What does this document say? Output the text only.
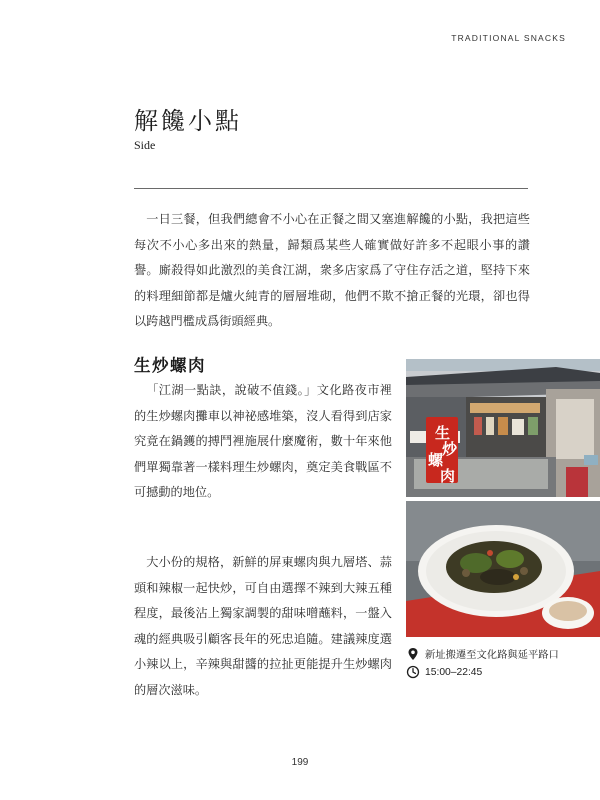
TRADITIONAL SNACKS
解饞小點
Side

一日三餐，但我們總會不小心在正餐之間又塞進解饞的小點，我把這些每次不小心多出來的熱量，歸類爲某些人確實做好許多不起眼小事的讚譽。廝殺得如此激烈的美食江湖，衆多店家爲了守住存活之道，堅持下來的料理細節都是爐火純青的層層堆砌，他們不欺不搶正餐的光環，卻也得以跨越門檻成爲街頭經典。

生炒螺肉

「江湖一點訣，說破不值錢。」文化路夜市裡的生炒螺肉攤車以神祕感堆築，沒人看得到店家究竟在鍋鑊的搏鬥裡施展什麼魔術，數十年來他們單獨靠著一樣料理生炒螺肉，奠定美食戰區不可撼動的地位。

大小份的規格，新鮮的屏東螺肉與九層塔、蒜頭和辣椒一起快炒，可自由選擇不辣到大辣五種程度，最後沾上獨家調製的甜味噌蘸料，一盤入魂的經典吸引顧客長年的死忠追隨。建議辣度選小辣以上，辛辣與甜醬的拉扯更能提升生炒螺肉的層次滋味。

生
炒
螺
肉
新址搬遷至文化路與延平路口
15:00–22:45
199
